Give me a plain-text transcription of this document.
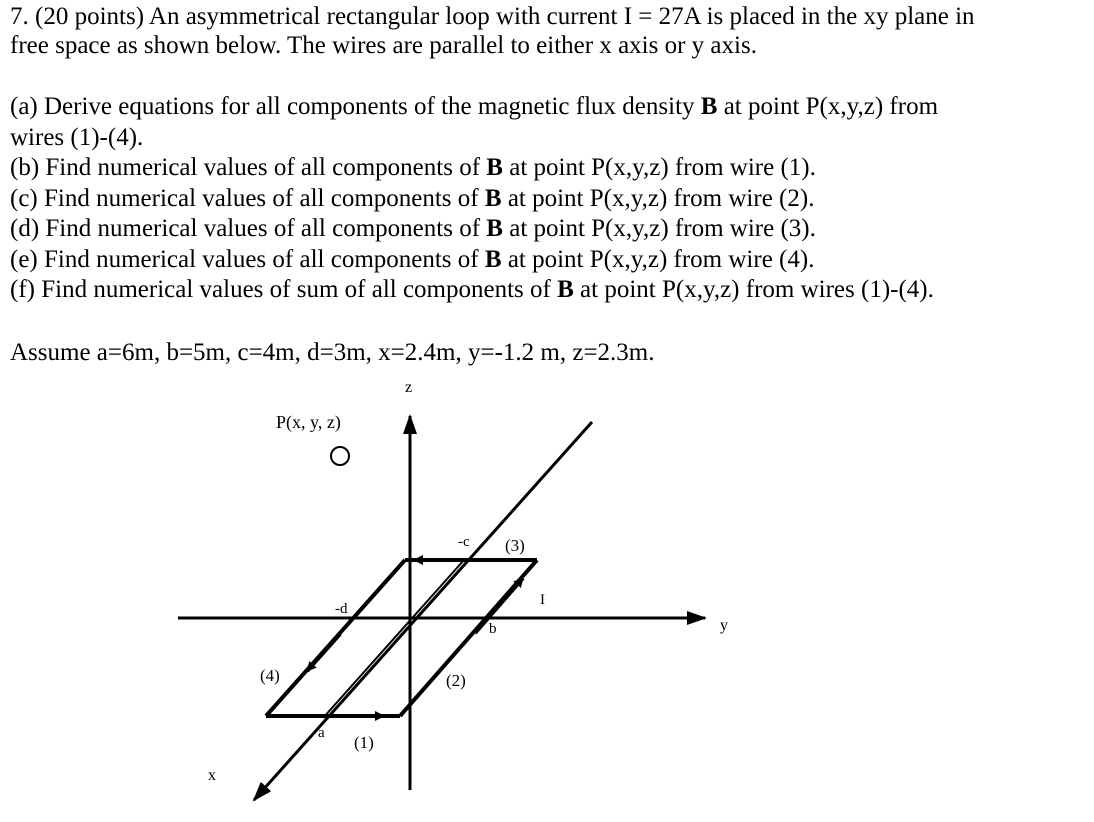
7. (20 points) An asymmetrical rectangular loop with current I = 27A is placed in the xy plane in
free space as shown below. The wires are parallel to either x axis or y axis.
(a) Derive equations for all components of the magnetic flux density B at point P(x,y,z) from
wires (1)-(4).
(b) Find numerical values of all components of B at point P(x,y,z) from wire (1).
(c) Find numerical values of all components of B at point P(x,y,z) from wire (2).
(d) Find numerical values of all components of B at point P(x,y,z) from wire (3).
(e) Find numerical values of all components of B at point P(x,y,z) from wire (4).
(f) Find numerical values of sum of all components of B at point P(x,y,z) from wires (1)-(4).
Assume a=6m, b=5m, c=4m, d=3m, x=2.4m, y=-1.2 m, z=2.3m.
z
y
x
P(x, y, z)
-c
-d
b
a
I
(1)
(2)
(3)
(4)
